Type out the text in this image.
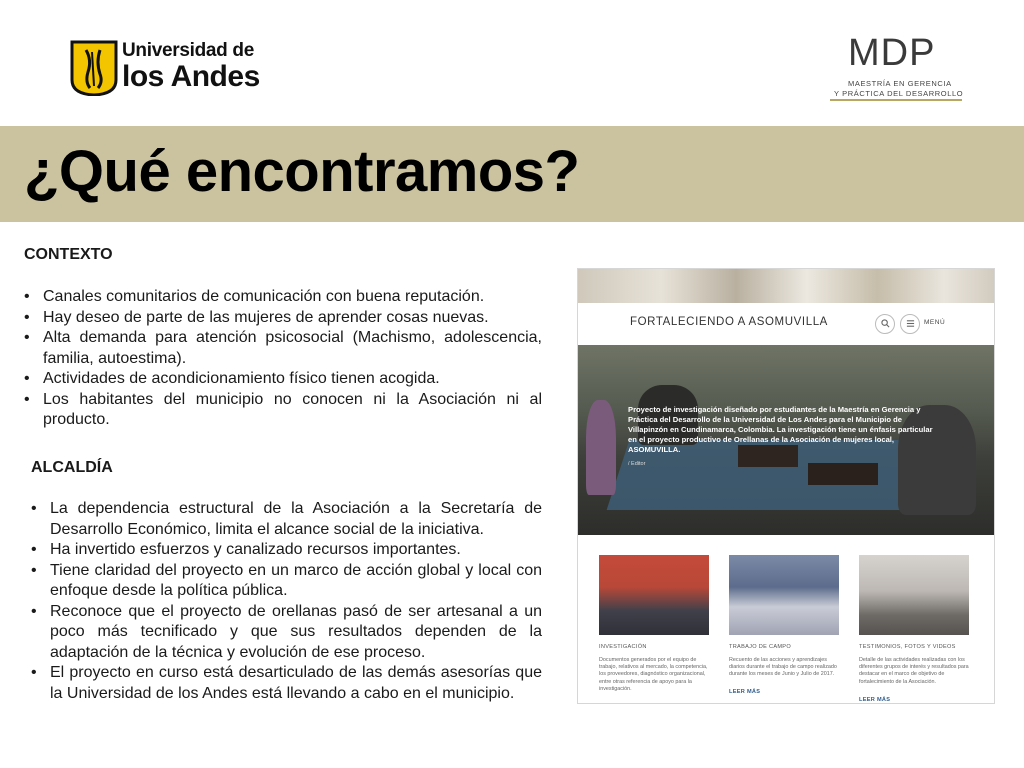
Universidad de
los Andes
MDP
MAESTRÍA EN GERENCIA
Y PRÁCTICA DEL DESARROLLO
¿Qué encontramos?
CONTEXTO
• Canales comunitarios de comunicación con buena reputación.
• Hay deseo de parte de las mujeres de aprender cosas nuevas.
• Alta demanda para atención psicosocial (Machismo, adolescencia, familia, autoestima).
• Actividades de acondicionamiento físico tienen acogida.
• Los habitantes del municipio no conocen ni la Asociación ni al producto.
ALCALDÍA
• La dependencia estructural de la Asociación a la Secretaría de Desarrollo Económico, limita el alcance social de la iniciativa.
• Ha invertido esfuerzos y canalizado recursos importantes.
• Tiene claridad del proyecto en un marco de acción global y local con enfoque desde la política pública.
• Reconoce que el proyecto de orellanas pasó de ser artesanal a un poco más tecnificado y que sus resultados dependen de la adaptación de la técnica y evolución de ese proceso.
• El proyecto en curso está desarticulado de las demás asesorías que la Universidad de los Andes está llevando a cabo en el municipio.
FORTALECIENDO A ASOMUVILLA	MENÚ
Proyecto de investigación diseñado por estudiantes de la Maestría en Gerencia y Práctica del Desarrollo de la Universidad de Los Andes para el Municipio de Villapinzón en Cundinamarca, Colombia. La investigación tiene un énfasis particular en el proyecto productivo de Orellanas de la Asociación de mujeres local, ASOMUVILLA.
/ Editor
INVESTIGACIÓN	TRABAJO DE CAMPO	TESTIMONIOS, FOTOS Y VIDEOS
Documentos generados por el equipo de trabajo, relativos al mercado, la competencia, los proveedores, diagnóstico organizacional, entre otras referencia de apoyo para la investigación.
Recuento de las acciones y aprendizajes diarios durante el trabajo de campo realizado durante los meses de Junio y Julio de 2017.
Detalle de las actividades realizadas con los diferentes grupos de interés y resultados para destacar en el marco de objetivo de fortalecimiento de la Asociación.
LEER MÁS
LEER MÁS
